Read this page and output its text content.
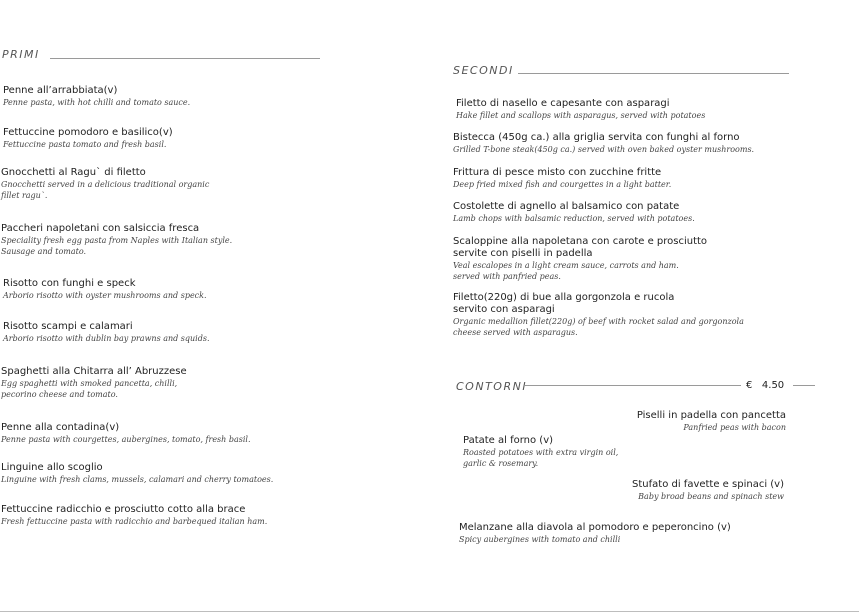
PRIMI
Penne all’arrabbiata(v)
Penne pasta, with hot chilli and tomato sauce.
Fettuccine pomodoro e basilico(v)
Fettuccine pasta tomato and fresh basil.
Gnocchetti al Ragu` di filetto
Gnocchetti served in a delicious traditional organic
fillet ragu`.
Paccheri napoletani con salsiccia fresca
Speciality fresh egg pasta from Naples with Italian style.
Sausage and tomato.
Risotto con funghi e speck
Arborio risotto with oyster mushrooms and speck.
Risotto scampi e calamari
Arborio risotto with dublin bay prawns and squids.
Spaghetti alla Chitarra all’ Abruzzese
Egg spaghetti with smoked pancetta, chilli,
pecorino cheese and tomato.
Penne alla contadina(v)
Penne pasta with courgettes, aubergines, tomato, fresh basil.
Linguine allo scoglio
Linguine with fresh clams, mussels, calamari and cherry tomatoes.
Fettuccine radicchio e prosciutto cotto alla brace
Fresh fettuccine pasta with radicchio and barbequed italian ham.
SECONDI
Filetto di nasello e capesante con asparagi
Hake fillet and scallops with asparagus, served with potatoes
Bistecca (450g ca.) alla griglia servita con funghi al forno
Grilled T-bone steak(450g ca.) served with oven baked oyster mushrooms.
Frittura di pesce misto con zucchine fritte
Deep fried mixed fish and courgettes in a light batter.
Costolette di agnello al balsamico con patate
Lamb chops with balsamic reduction, served with potatoes.
Scaloppine alla napoletana con carote e prosciutto
servite con piselli in padella
Veal escalopes in a light cream sauce, carrots and ham.
served with panfried peas.
Filetto(220g) di bue alla gorgonzola e rucola
servito con asparagi
Organic medallion fillet(220g) of beef with rocket salad and gorgonzola
cheese served with asparagus.
CONTORNI	€   4.50
Piselli in padella con pancetta
Panfried peas with bacon
Patate al forno (v)
Roasted potatoes with extra virgin oil,
garlic & rosemary.
Stufato di favette e spinaci (v)
Baby broad beans and spinach stew
Melanzane alla diavola al pomodoro e peperoncino (v)
Spicy aubergines with tomato and chilli
